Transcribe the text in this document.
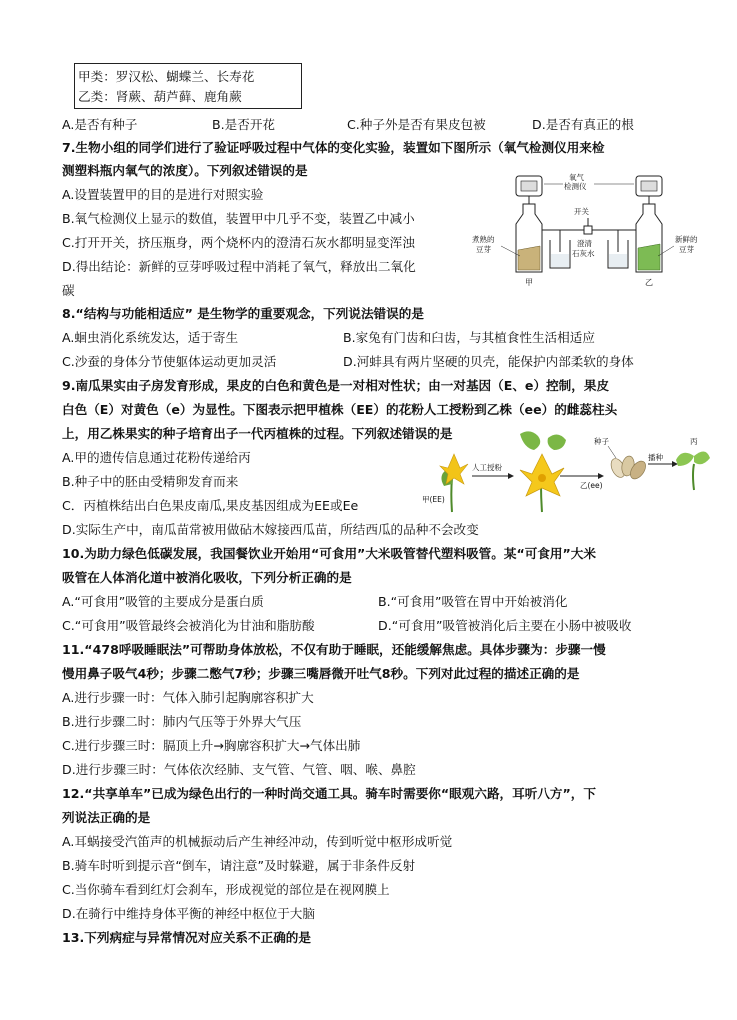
甲类：罗汉松、蝴蝶兰、长寿花
乙类：肾蕨、葫芦藓、鹿角蕨
A.是否有种子	B.是否开花	C.种子外是否有果皮包被	D.是否有真正的根
7.生物小组的同学们进行了验证呼吸过程中气体的变化实验，装置如下图所示（氧气检测仪用来检
测塑料瓶内氧气的浓度）。下列叙述错误的是
A.设置装置甲的目的是进行对照实验
B.氧气检测仪上显示的数值，装置甲中几乎不变，装置乙中减小
C.打开开关，挤压瓶身，两个烧杯内的澄清石灰水都明显变浑浊
D.得出结论：新鲜的豆芽呼吸过程中消耗了氧气，释放出二氧化
碳
氧气
检测仪
开关
煮熟的
豆芽
澄清
石灰水
新鲜的
豆芽
甲	乙
8.“结构与功能相适应” 是生物学的重要观念，下列说法错误的是
A.蛔虫消化系统发达，适于寄生	B.家兔有门齿和臼齿，与其植食性生活相适应
C.沙蚕的身体分节使躯体运动更加灵活	D.河蚌具有两片坚硬的贝壳，能保护内部柔软的身体
9.南瓜果实由子房发育形成，果皮的白色和黄色是一对相对性状；由一对基因（E、e）控制，果皮
白色（E）对黄色（e）为显性。下图表示把甲植株（EE）的花粉人工授粉到乙株（ee）的雌蕊柱头
上，用乙株果实的种子培育出子一代丙植株的过程。下列叙述错误的是
A.甲的遗传信息通过花粉传递给丙
B.种子中的胚由受精卵发育而来
C．丙植株结出白色果皮南瓜,果皮基因组成为EE或Ee
D.实际生产中，南瓜苗常被用做砧木嫁接西瓜苗，所结西瓜的品种不会改变
甲(EE)
人工授粉
乙(ee)
种子
播种
丙
10.为助力绿色低碳发展，我国餐饮业开始用“可食用”大米吸管替代塑料吸管。某“可食用”大米
吸管在人体消化道中被消化吸收，下列分析正确的是
A.“可食用”吸管的主要成分是蛋白质	B.“可食用”吸管在胃中开始被消化
C.“可食用”吸管最终会被消化为甘油和脂肪酸	D.“可食用”吸管被消化后主要在小肠中被吸收
11.“478呼吸睡眠法”可帮助身体放松，不仅有助于睡眠，还能缓解焦虑。具体步骤为：步骤一慢
慢用鼻子吸气4秒；步骤二憋气7秒；步骤三嘴唇微开吐气8秒。下列对此过程的描述正确的是
A.进行步骤一时：气体入肺引起胸廓容积扩大
B.进行步骤二时：肺内气压等于外界大气压
C.进行步骤三时：膈顶上升→胸廓容积扩大→气体出肺
D.进行步骤三时：气体依次经肺、支气管、气管、咽、喉、鼻腔
12.“共享单车”已成为绿色出行的一种时尚交通工具。骑车时需要你“眼观六路，耳听八方”，下
列说法正确的是
A.耳蜗接受汽笛声的机械振动后产生神经冲动，传到听觉中枢形成听觉
B.骑车时听到提示音“倒车，请注意”及时躲避，属于非条件反射
C.当你骑车看到红灯会刹车，形成视觉的部位是在视网膜上
D.在骑行中维持身体平衡的神经中枢位于大脑
13.下列病症与异常情况对应关系不正确的是
